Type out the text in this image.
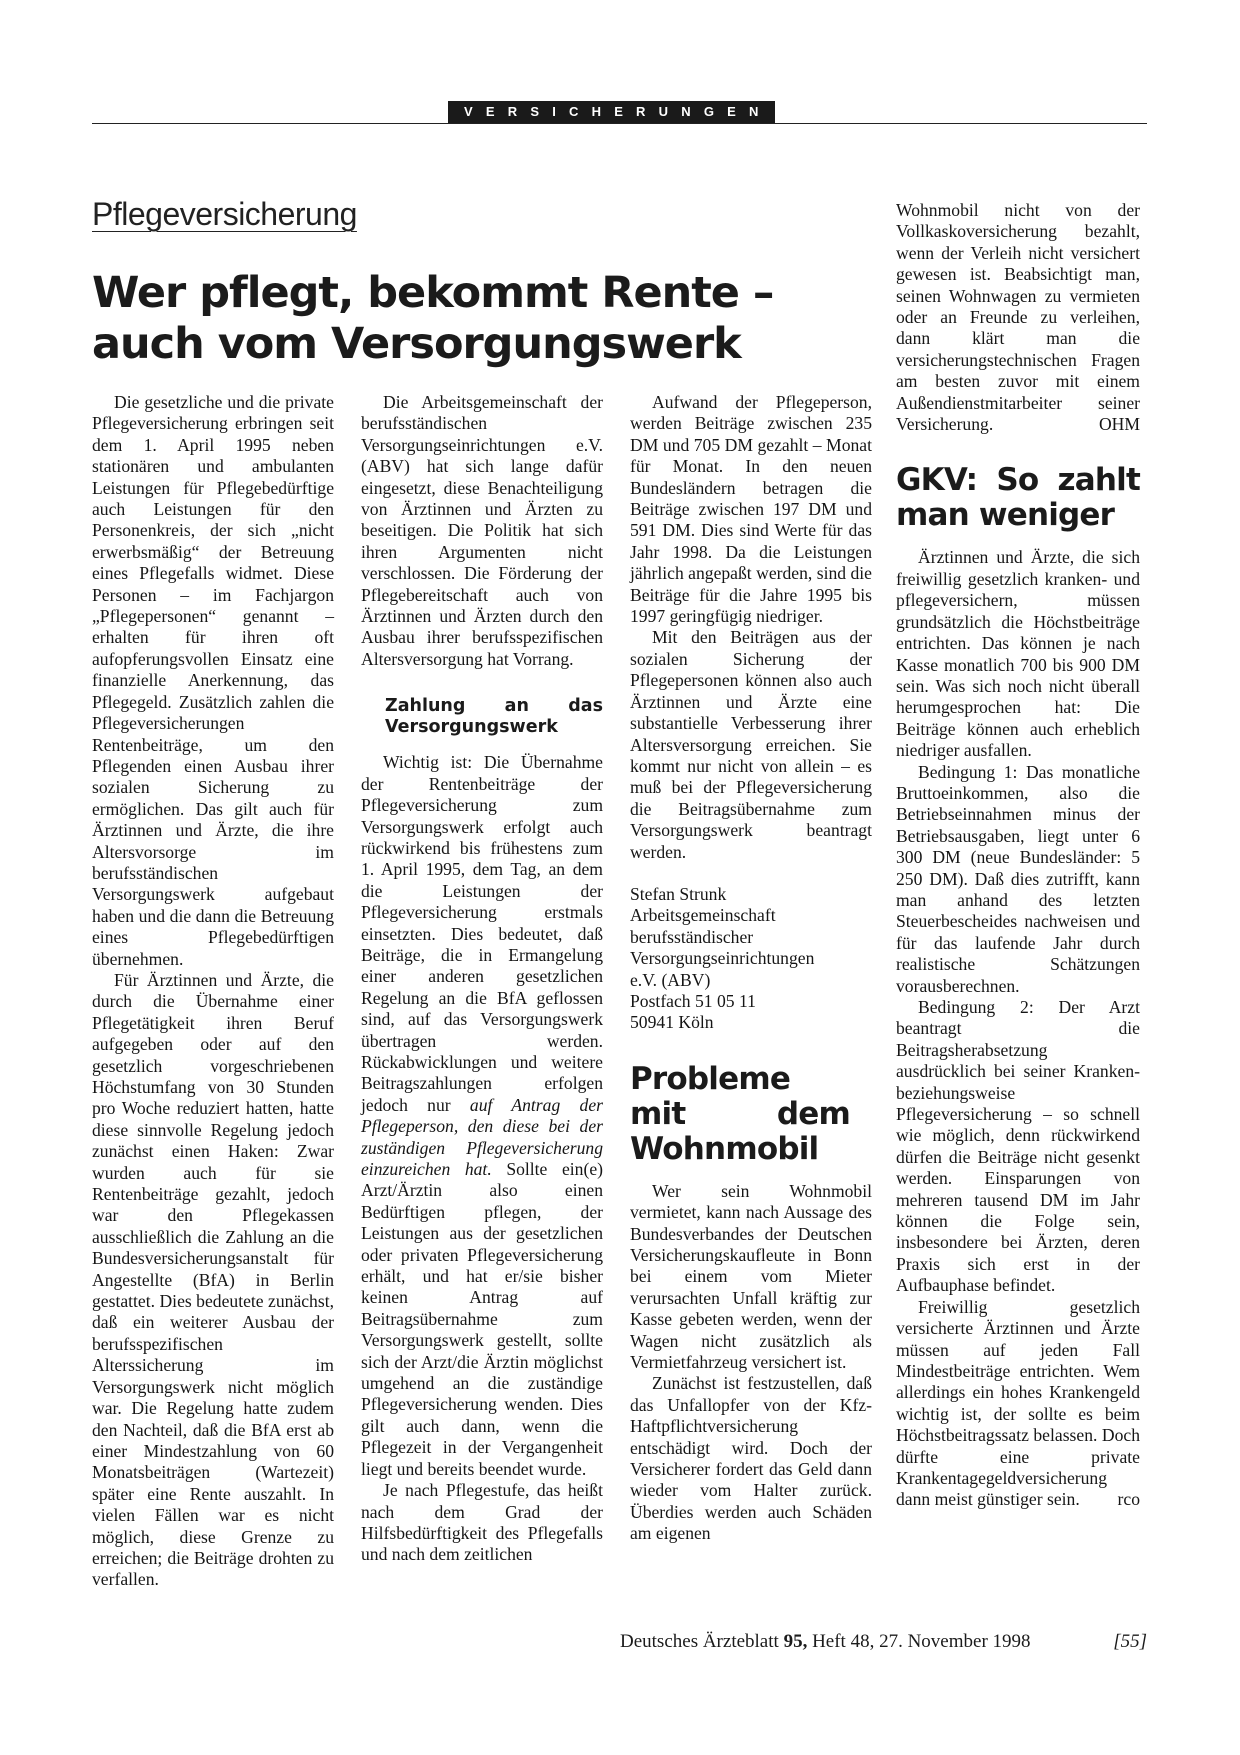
VERSICHERUNGEN
Pflegeversicherung
Wer pflegt, bekommt Rente – auch vom Versorgungswerk

Die gesetzliche und die private Pflegeversicherung erbringen seit dem 1. April 1995 neben stationären und ambulanten Leistungen für Pflegebedürftige auch Leistungen für den Personenkreis, der sich „nicht erwerbsmäßig“ der Betreuung eines Pflegefalls widmet. Diese Personen – im Fachjargon „Pflegepersonen“ genannt – erhalten für ihren oft aufopferungsvollen Einsatz eine finanzielle Anerkennung, das Pflegegeld. Zusätzlich zahlen die Pflegeversicherungen Rentenbeiträge, um den Pflegenden einen Ausbau ihrer sozialen Sicherung zu ermöglichen. Das gilt auch für Ärztinnen und Ärzte, die ihre Altersvorsorge im berufsständischen Versorgungswerk aufgebaut haben und die dann die Betreuung eines Pflegebedürftigen übernehmen.

Für Ärztinnen und Ärzte, die durch die Übernahme einer Pflegetätigkeit ihren Beruf aufgegeben oder auf den gesetzlich vorgeschriebenen Höchstumfang von 30 Stunden pro Woche reduziert hatten, hatte diese sinnvolle Regelung jedoch zunächst einen Haken: Zwar wurden auch für sie Rentenbeiträge gezahlt, jedoch war den Pflegekassen ausschließlich die Zahlung an die Bundesversicherungsanstalt für Angestellte (BfA) in Berlin gestattet. Dies bedeutete zunächst, daß ein weiterer Ausbau der berufsspezifischen Alterssicherung im Versorgungswerk nicht möglich war. Die Regelung hatte zudem den Nachteil, daß die BfA erst ab einer Mindestzahlung von 60 Monatsbeiträgen (Wartezeit) später eine Rente auszahlt. In vielen Fällen war es nicht möglich, diese Grenze zu erreichen; die Beiträge drohten zu verfallen.

Die Arbeitsgemeinschaft der berufsständischen Versorgungseinrichtungen e.V. (ABV) hat sich lange dafür eingesetzt, diese Benachteiligung von Ärztinnen und Ärzten zu beseitigen. Die Politik hat sich ihren Argumenten nicht verschlossen. Die Förderung der Pflegebereitschaft auch von Ärztinnen und Ärzten durch den Ausbau ihrer berufsspezifischen Altersversorgung hat Vorrang.

Zahlung an das Versorgungswerk

Wichtig ist: Die Übernahme der Rentenbeiträge der Pflegeversicherung zum Versorgungswerk erfolgt auch rückwirkend bis frühestens zum 1. April 1995, dem Tag, an dem die Leistungen der Pflegeversicherung erstmals einsetzten. Dies bedeutet, daß Beiträge, die in Ermangelung einer anderen gesetzlichen Regelung an die BfA geflossen sind, auf das Versorgungswerk übertragen werden. Rückabwicklungen und weitere Beitragszahlungen erfolgen jedoch nur auf Antrag der Pflegeperson, den diese bei der zuständigen Pflegeversicherung einzureichen hat. Sollte ein(e) Arzt/Ärztin also einen Bedürftigen pflegen, der Leistungen aus der gesetzlichen oder privaten Pflegeversicherung erhält, und hat er/sie bisher keinen Antrag auf Beitragsübernahme zum Versorgungswerk gestellt, sollte sich der Arzt/die Ärztin möglichst umgehend an die zuständige Pflegeversicherung wenden. Dies gilt auch dann, wenn die Pflegezeit in der Vergangenheit liegt und bereits beendet wurde.

Je nach Pflegestufe, das heißt nach dem Grad der Hilfsbedürftigkeit des Pflegefalls und nach dem zeitlichen

Aufwand der Pflegeperson, werden Beiträge zwischen 235 DM und 705 DM gezahlt – Monat für Monat. In den neuen Bundesländern betragen die Beiträge zwischen 197 DM und 591 DM. Dies sind Werte für das Jahr 1998. Da die Leistungen jährlich angepaßt werden, sind die Beiträge für die Jahre 1995 bis 1997 geringfügig niedriger.

Mit den Beiträgen aus der sozialen Sicherung der Pflegepersonen können also auch Ärztinnen und Ärzte eine substantielle Verbesserung ihrer Altersversorgung erreichen. Sie kommt nur nicht von allein – es muß bei der Pflegeversicherung die Beitragsübernahme zum Versorgungswerk beantragt werden.

Stefan Strunk
Arbeitsgemeinschaft
berufsständischer
Versorgungseinrichtungen
e.V. (ABV)
Postfach 51 05 11
50941 Köln

Probleme mit dem Wohnmobil

Wer sein Wohnmobil vermietet, kann nach Aussage des Bundesverbandes der Deutschen Versicherungskaufleute in Bonn bei einem vom Mieter verursachten Unfall kräftig zur Kasse gebeten werden, wenn der Wagen nicht zusätzlich als Vermietfahrzeug versichert ist.

Zunächst ist festzustellen, daß das Unfallopfer von der Kfz-Haftpflichtversicherung entschädigt wird. Doch der Versicherer fordert das Geld dann wieder vom Halter zurück. Überdies werden auch Schäden am eigenen

Wohnmobil nicht von der Vollkaskoversicherung bezahlt, wenn der Verleih nicht versichert gewesen ist. Beabsichtigt man, seinen Wohnwagen zu vermieten oder an Freunde zu verleihen, dann klärt man die versicherungstechnischen Fragen am besten zuvor mit einem Außendienstmitarbeiter seiner Versicherung.	OHM

GKV: So zahlt man weniger

Ärztinnen und Ärzte, die sich freiwillig gesetzlich kranken- und pflegeversichern, müssen grundsätzlich die Höchstbeiträge entrichten. Das können je nach Kasse monatlich 700 bis 900 DM sein. Was sich noch nicht überall herumgesprochen hat: Die Beiträge können auch erheblich niedriger ausfallen.

Bedingung 1: Das monatliche Bruttoeinkommen, also die Betriebseinnahmen minus der Betriebsausgaben, liegt unter 6 300 DM (neue Bundesländer: 5 250 DM). Daß dies zutrifft, kann man anhand des letzten Steuerbescheides nachweisen und für das laufende Jahr durch realistische Schätzungen vorausberechnen.

Bedingung 2: Der Arzt beantragt die Beitragsherabsetzung ausdrücklich bei seiner Kranken- beziehungsweise Pflegeversicherung – so schnell wie möglich, denn rückwirkend dürfen die Beiträge nicht gesenkt werden. Einsparungen von mehreren tausend DM im Jahr können die Folge sein, insbesondere bei Ärzten, deren Praxis sich erst in der Aufbauphase befindet.

Freiwillig gesetzlich versicherte Ärztinnen und Ärzte müssen auf jeden Fall Mindestbeiträge entrichten. Wem allerdings ein hohes Krankengeld wichtig ist, der sollte es beim Höchstbeitragssatz belassen. Doch dürfte eine private Krankentagegeldversicherung dann meist günstiger sein.	rco

Deutsches Ärzteblatt 95, Heft 48, 27. November 1998	[55]
